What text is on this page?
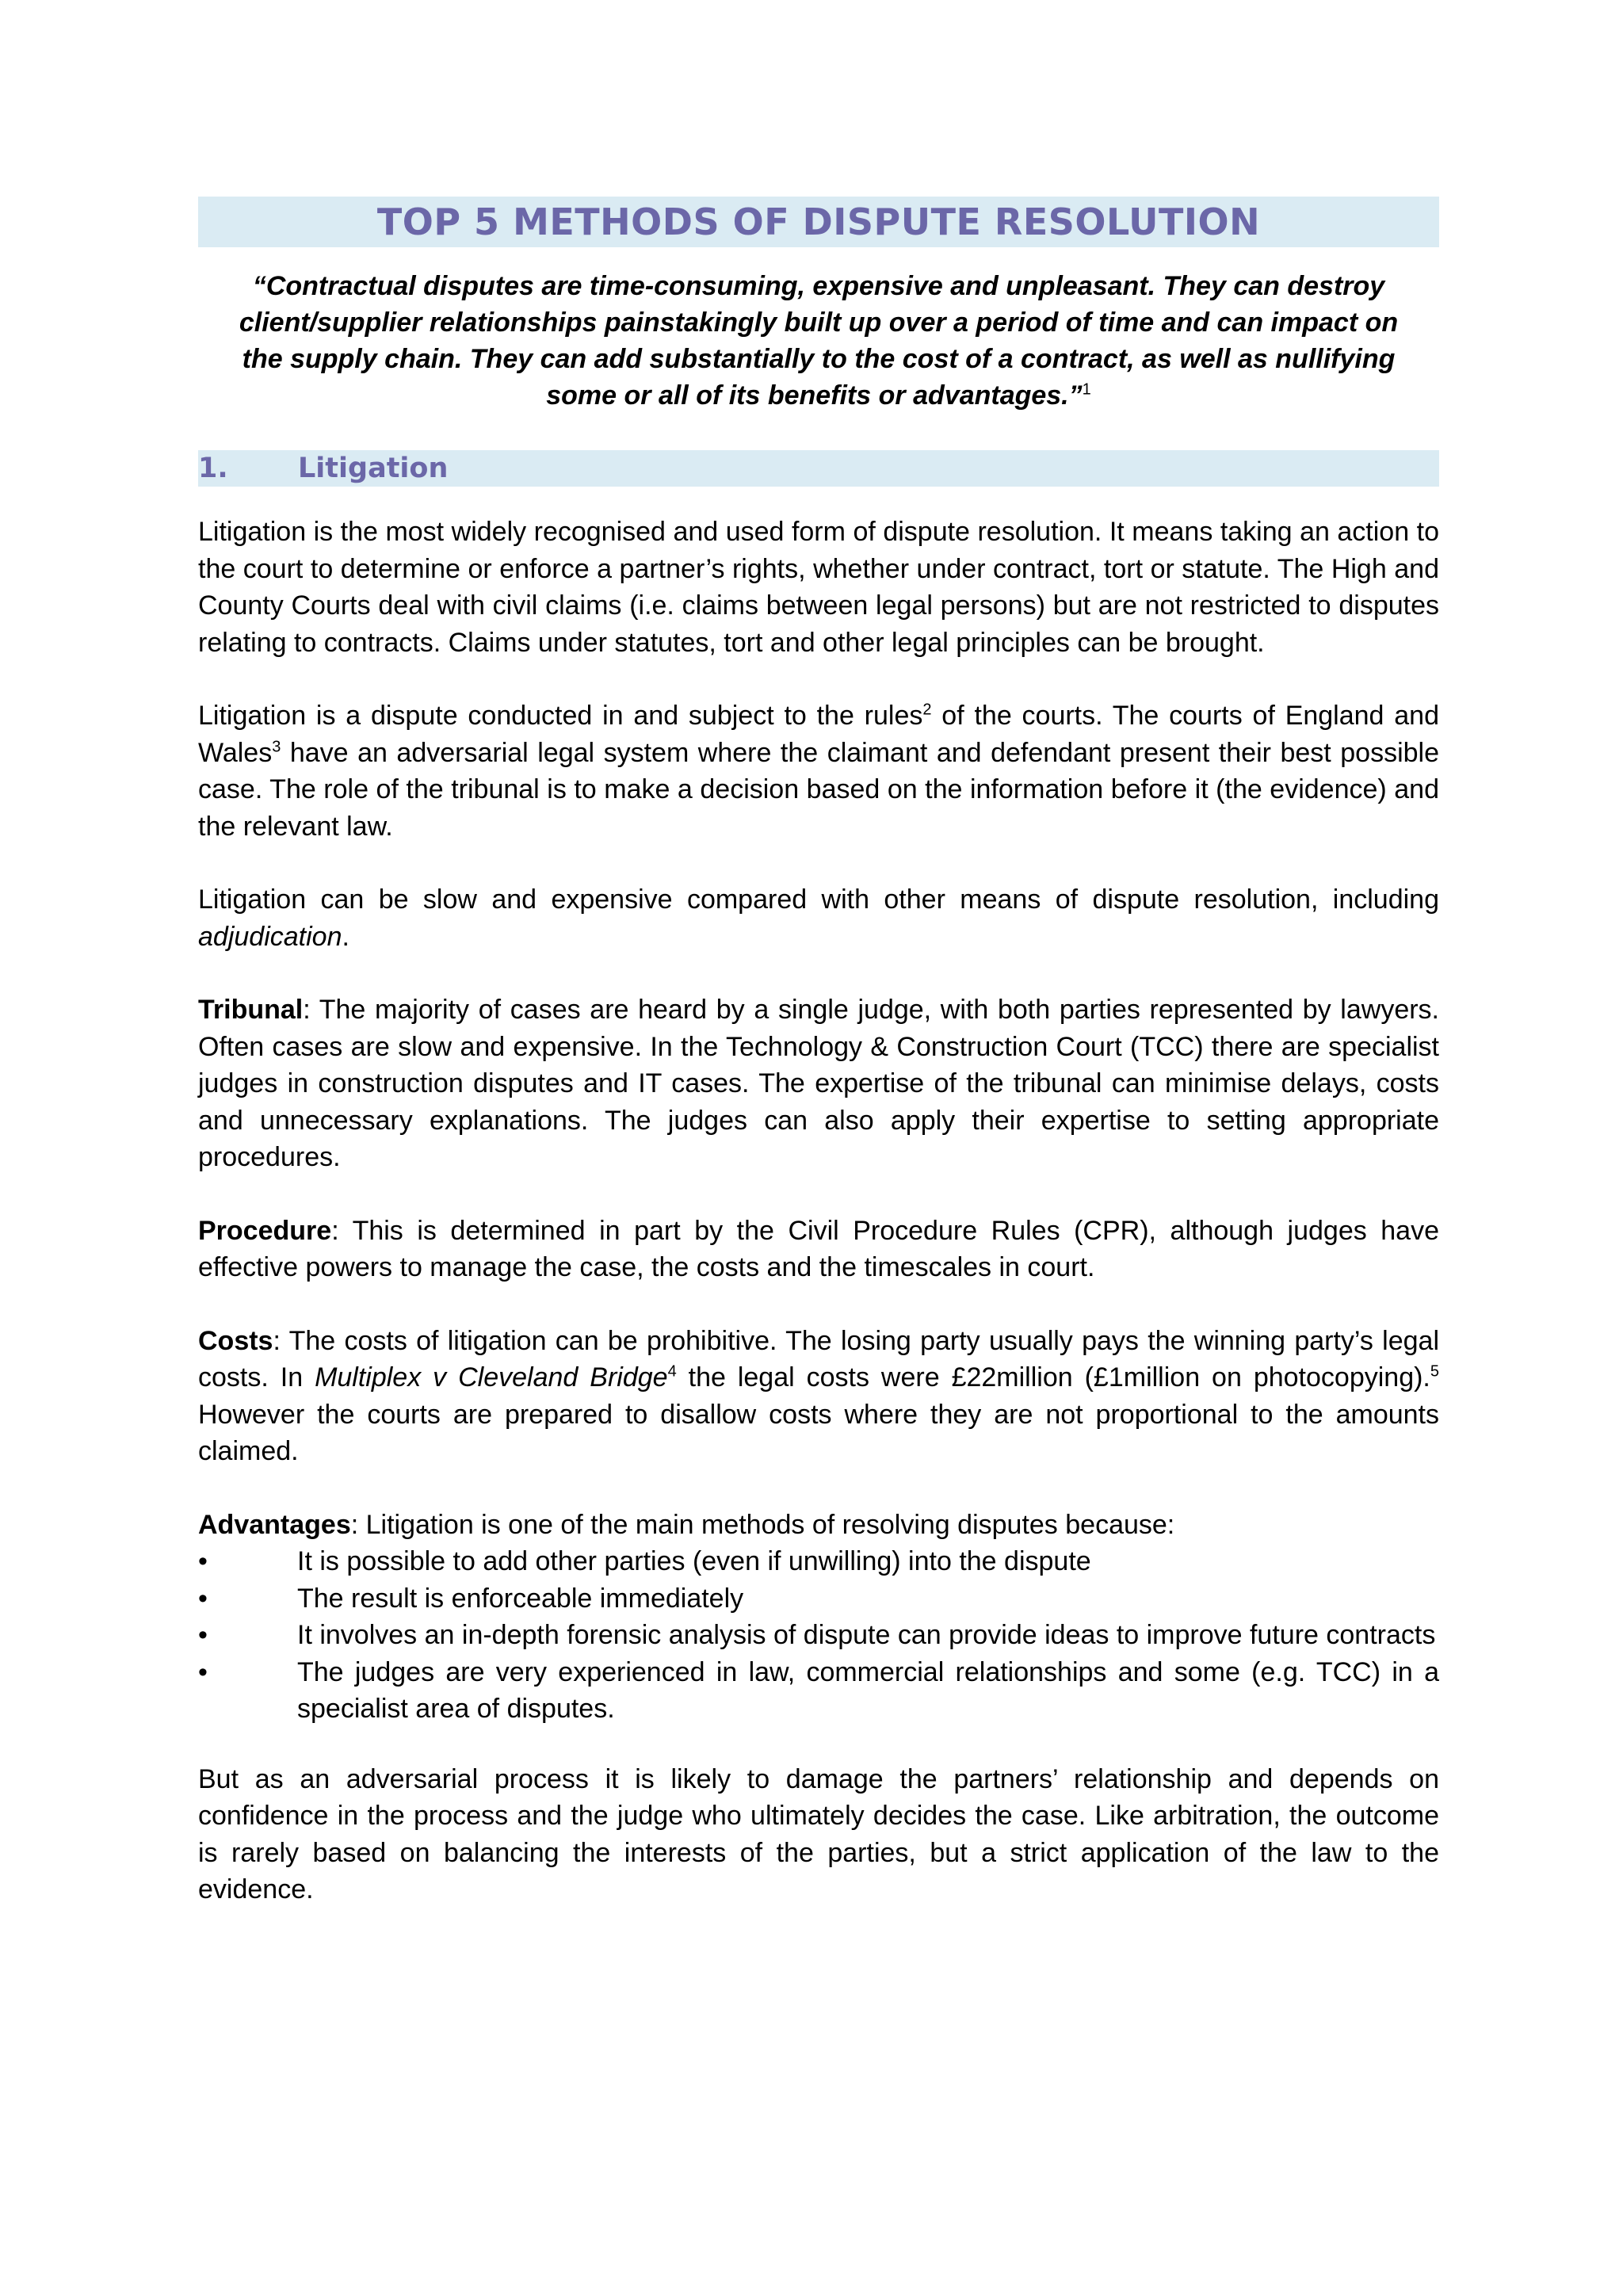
TOP 5 METHODS OF DISPUTE RESOLUTION

“Contractual disputes are time-consuming, expensive and unpleasant. They can destroy client/supplier relationships painstakingly built up over a period of time and can impact on the supply chain. They can add substantially to the cost of a contract, as well as nullifying some or all of its benefits or advantages.”$^1$

1.	Litigation

Litigation is the most widely recognised and used form of dispute resolution. It means taking an action to the court to determine or enforce a partner’s rights, whether under contract, tort or statute. The High and County Courts deal with civil claims (i.e. claims between legal persons) but are not restricted to disputes relating to contracts. Claims under statutes, tort and other legal principles can be brought.

Litigation is a dispute conducted in and subject to the rules$^2$ of the courts. The courts of England and Wales$^3$ have an adversarial legal system where the claimant and defendant present their best possible case. The role of the tribunal is to make a decision based on the information before it (the evidence) and the relevant law.

Litigation can be slow and expensive compared with other means of dispute resolution, including adjudication.

Tribunal: The majority of cases are heard by a single judge, with both parties represented by lawyers. Often cases are slow and expensive. In the Technology & Construction Court (TCC) there are specialist judges in construction disputes and IT cases. The expertise of the tribunal can minimise delays, costs and unnecessary explanations. The judges can also apply their expertise to setting appropriate procedures.

Procedure: This is determined in part by the Civil Procedure Rules (CPR), although judges have effective powers to manage the case, the costs and the timescales in court.

Costs: The costs of litigation can be prohibitive. The losing party usually pays the winning party’s legal costs. In Multiplex v Cleveland Bridge$^4$ the legal costs were £22million (£1million on photocopying).$^5$ However the courts are prepared to disallow costs where they are not proportional to the amounts claimed.

Advantages: Litigation is one of the main methods of resolving disputes because:

•	It is possible to add other parties (even if unwilling) into the dispute
•	The result is enforceable immediately
•	It involves an in-depth forensic analysis of dispute can provide ideas to improve future contracts
•	The judges are very experienced in law, commercial relationships and some (e.g. TCC) in a specialist area of disputes.

But as an adversarial process it is likely to damage the partners’ relationship and depends on confidence in the process and the judge who ultimately decides the case. Like arbitration, the outcome is rarely based on balancing the interests of the parties, but a strict application of the law to the evidence.
